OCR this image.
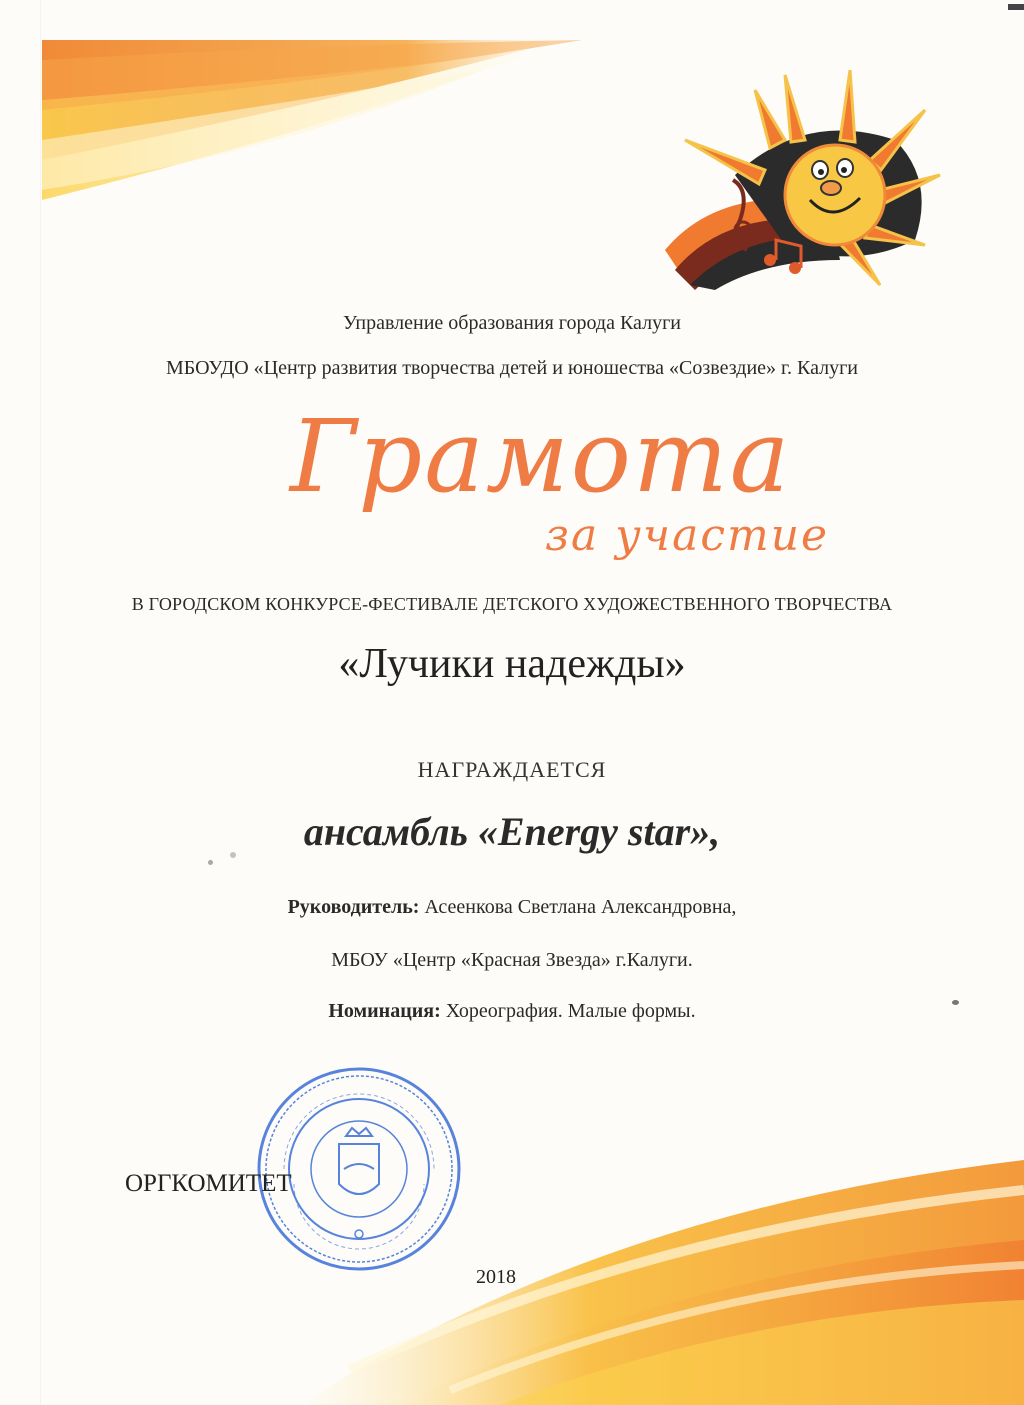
Управление образования города Калуги
МБОУДО «Центр развития творчества детей и юношества «Созвездие» г. Калуги
Грамота
за участие
В ГОРОДСКОМ КОНКУРСЕ-ФЕСТИВАЛЕ ДЕТСКОГО ХУДОЖЕСТВЕННОГО ТВОРЧЕСТВА
«Лучики надежды»
НАГРАЖДАЕТСЯ
ансамбль «Energy star»,
Руководитель: Асеенкова Светлана Александровна,
МБОУ «Центр «Красная Звезда» г.Калуги.
Номинация: Хореография. Малые формы.
ОРГКОМИТЕТ
2018
